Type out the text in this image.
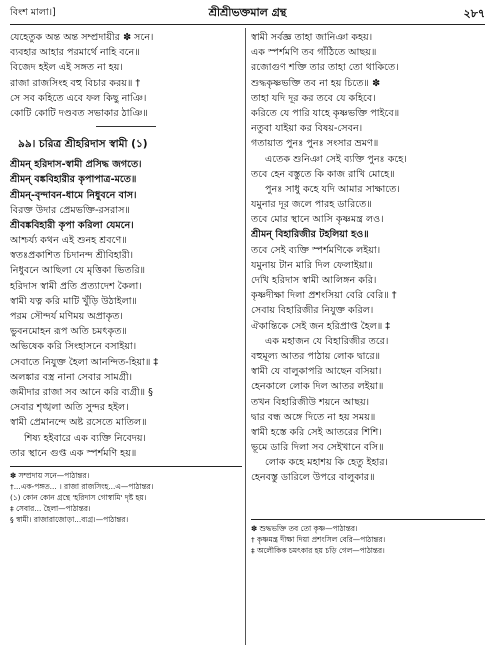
বিংশ মালা।]	শ্রীশ্রীভক্তমাল গ্রন্থ	২৮৭
যেহেতুক অন্ত অন্ত সম্প্রদায়ীর ✽ সনে।
ব্যবহার আহার পরমার্থে নাহি বনে॥
বিজেদ হইল এই সঙ্গত না হয়।
রাজা রাজসিংহ বহু বিচার করয়॥ †
সে সব কহিতে এবে ফল কিছু নাঞি।
কোটি কোটি দণ্ডবত সভাকার ঠাঞি॥
৯৯। চরিত্র শ্রীহরিদাস স্বামী (১)
শ্রীমন্ হরিদাস-স্বামী প্রসিদ্ধ জগতে।
শ্রীমন্ বঙ্কবিহারীর কৃপাপাত্র-মতে॥
শ্রীমন্-বৃন্দাবন-ধামে নিধুবনে বাস।
বিরক্ত উদার প্রেমভক্তি-রসরাস॥
শ্রীবঙ্কবিহারী কৃপা করিলা যেমনে।
আশ্চর্য্য কথন এই শুনহ শ্রবণে॥
স্বতঃপ্রকাশিত চিদানন্দ শ্রীবিহারী।
নিধুবনে আছিলা যে মৃত্তিকা ভিতরি॥
হরিদাস স্বামী প্রতি প্রত্যাদেশ কৈলা।
স্বামী যত্ন করি মাটি খুঁড়ি উঠাইলা॥
পরম সৌন্দর্য মণিময় অপ্রাকৃত।
ভুবনমোহন রূপ অতি চমৎকৃত॥
অভিষেক করি সিংহাসনে বসাইয়া।
সেবাতে নিযুক্ত হৈলা আনন্দিত-হিয়া॥ ‡
অলঙ্কার বস্ত্র নানা সেবার সামগ্রী।
জমীদার রাজা সব আনে করি ব্যগ্রী॥ §
সেবার শৃঙ্খলা অতি সুন্দর হইল।
স্বামী প্রেমানন্দে অষ্ট রসেতে মাতিল॥
শিষ্য হইবারে এক ব্যক্তি নিবেদয়।
তার স্থানে গুপ্ত এক স্পর্শমণি হয়॥
✽ সম্প্রদায় সনে—পাঠান্তর।
†...এক-পঙ্গত... । রাজা রাজসিংহ...এ—পাঠান্তর।
(১) কোন কোন গ্রন্থে 'হরিদাস গোস্বামি' দৃষ্ট হয়।
‡ সেবার... হৈলা—পাঠান্তর।
§ স্বামী। রাজারাজোড়া...ব্যগ্র।—পাঠান্তর।
স্বামী সর্বজ্ঞ তাহা জানিঞা কহয়।
এক স্পর্শমণি তব গাঁঠিতে আছয়॥
রজোগুণ শক্তি তার তাহা তো থাকিতে।
শুদ্ধকৃষ্ণভক্তি তব না হয় চিতে॥ ✽
তাহা যদি দূর কর তবে যে কহিবে।
করিতে যে পারি যাহে কৃষ্ণভক্তি পাইবে॥
নতুবা যাইয়া কর বিষয়-সেবন।
গতায়াত পুনঃ পুনঃ সংসার ভ্রমণ॥
এতেক শুনিঞা সেই ব্যক্তি পুনঃ কহে।
তবে হেন বস্তুতে কি কাজ রাখি মোহে॥
পুনঃ সাধু কহে যদি আমার সাক্ষাতে।
যমুনার দূর জলে পারহ ডারিতে॥
তবে মোর স্থানে আসি কৃষ্ণমন্ত্র লও।
শ্রীমন্ বিহারিজীর টহলিয়া হও॥
তবে সেই ব্যক্তি স্পর্শমণিকে লইয়া।
যমুনায় টান মারি দিল ফেলাইয়া॥
দেখি হরিদাস স্বামী আলিঙ্গন করি।
কৃষ্ণদীক্ষা দিলা প্রশংসিয়া বেরি বেরি॥ †
সেবায় বিহারিজীর নিযুক্ত করিল।
ঐকান্তিকে সেই জন হরিপ্রাপ্ত হৈল॥ ‡
এক মহাজন যে বিহারিজীর তরে।
বহুমূল্য আতর পাঠায় লোক দ্বারে॥
স্বামী যে বালুকাপরি আছেন বসিয়া।
হেনকালে লোক দিল আতর লইয়া॥
তখন বিহারিজীউ শয়নে আছয়।
দ্বার বন্ধ অঙ্গে দিতে না হয় সময়॥
স্বামী হস্তে করি সেই আতরের শিশি।
ভূমে ডারি দিলা সব সেইখানে বসি॥
লোক কহে মহাশয় কি হেতু ইহার।
হেনবস্তু ডারিলে উপরে বালুকার॥
✽ শুদ্ধভক্তি তব তো কৃষ্ণ—পাঠান্তর।
† কৃষ্ণমন্ত্র দীক্ষা দিয়া প্রশংসিল বেরি—পাঠান্তর।
‡ অলৌকিক চমৎকার হয় চড়ি গেল—পাঠান্তর।
